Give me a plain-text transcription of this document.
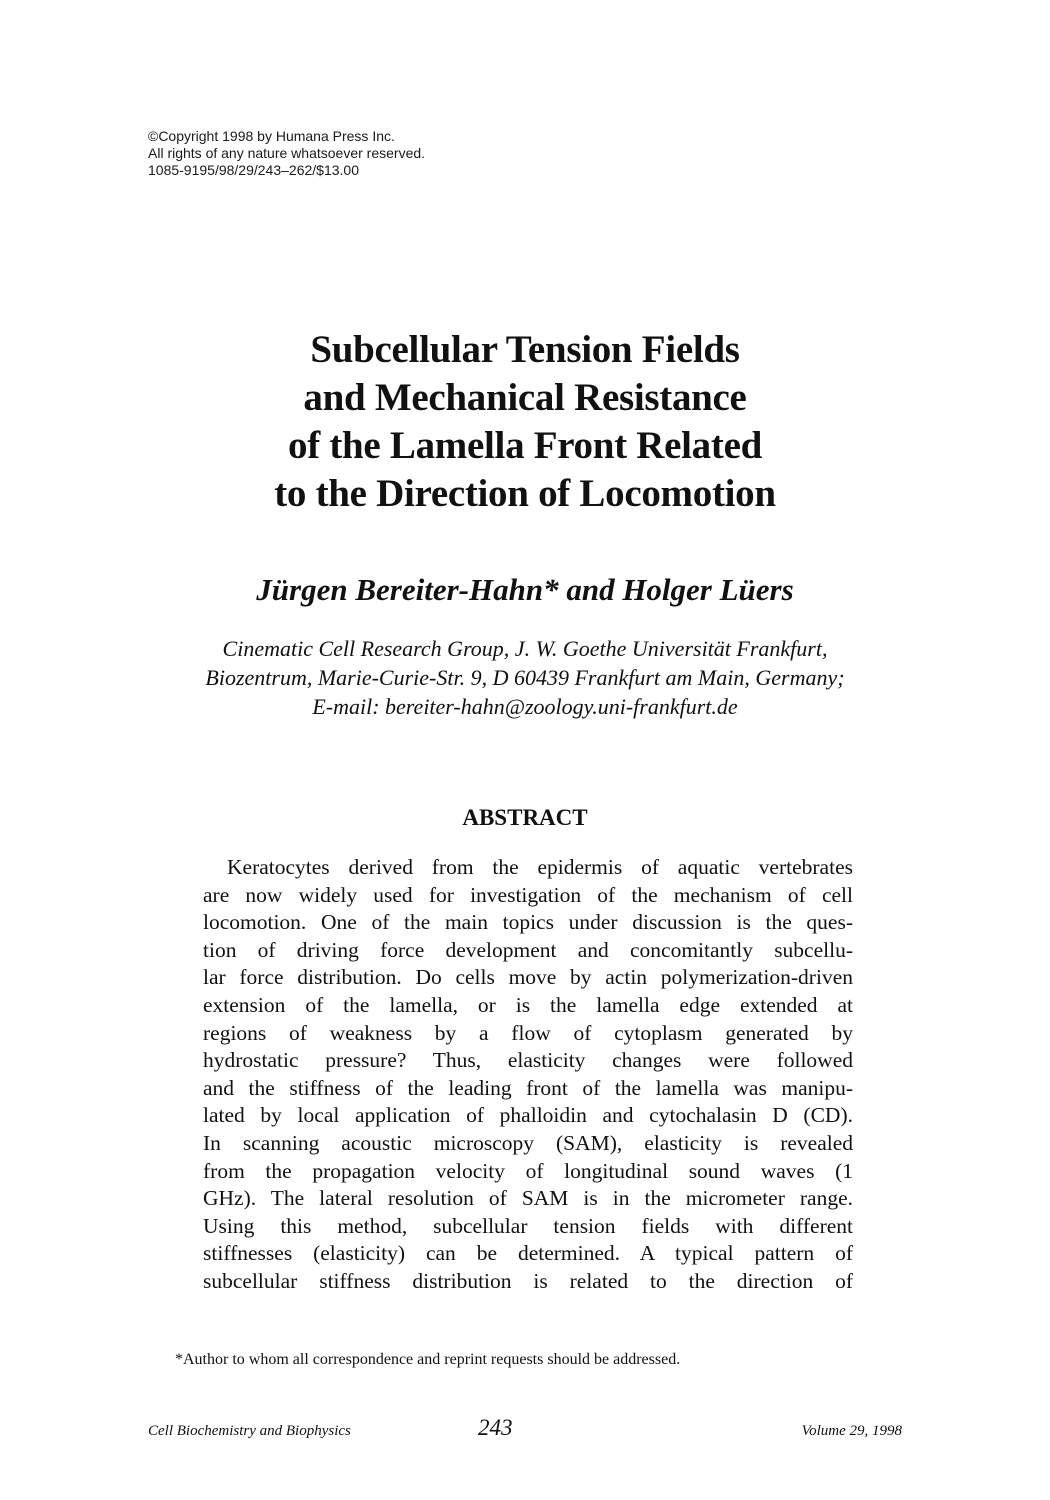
©Copyright 1998 by Humana Press Inc.
All rights of any nature whatsoever reserved.
1085-9195/98/29/243–262/$13.00
Subcellular Tension Fields
and Mechanical Resistance
of the Lamella Front Related
to the Direction of Locomotion
Jürgen Bereiter-Hahn* and Holger Lüers
Cinematic Cell Research Group, J. W. Goethe Universität Frankfurt,
Biozentrum, Marie-Curie-Str. 9, D 60439 Frankfurt am Main, Germany;
E-mail: bereiter-hahn@zoology.uni-frankfurt.de
ABSTRACT
Keratocytes derived from the epidermis of aquatic vertebrates
are now widely used for investigation of the mechanism of cell
locomotion. One of the main topics under discussion is the ques-
tion of driving force development and concomitantly subcellu-
lar force distribution. Do cells move by actin polymerization-driven
extension of the lamella, or is the lamella edge extended at
regions of weakness by a flow of cytoplasm generated by
hydrostatic pressure? Thus, elasticity changes were followed
and the stiffness of the leading front of the lamella was manipu-
lated by local application of phalloidin and cytochalasin D (CD).
In scanning acoustic microscopy (SAM), elasticity is revealed
from the propagation velocity of longitudinal sound waves (1
GHz). The lateral resolution of SAM is in the micrometer range.
Using this method, subcellular tension fields with different
stiffnesses (elasticity) can be determined. A typical pattern of
subcellular stiffness distribution is related to the direction of
*Author to whom all correspondence and reprint requests should be addressed.
Cell Biochemistry and Biophysics	243	Volume 29, 1998
